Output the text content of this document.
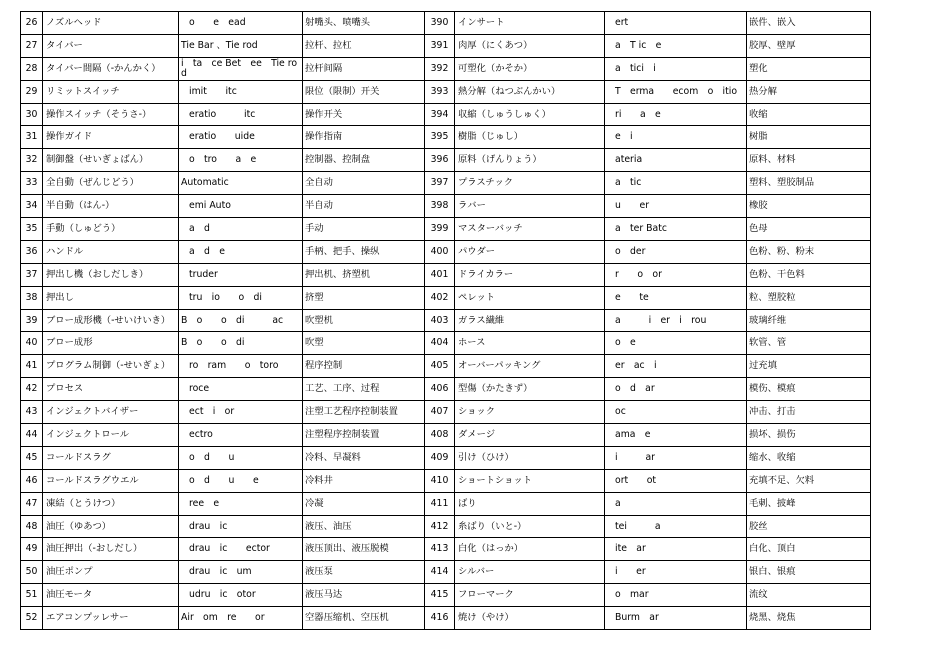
26	ノズルヘッド	o　　e　ead	射嘴头、喷嘴头	390	インサート	ert	嵌件、嵌入
27	タイバー	Tie Bar 、Tie rod	拉杆、拉杠	391	肉厚（にくあつ）	a　T ic　e	胶厚、壁厚
28	タイバー間隔（-かんかく）	i　ta　ce Bet　ee　Tie rod	拉杆间隔	392	可塑化（かそか）	a　tici　i	塑化
29	リミットスイッチ	imit　　itc	限位（限制）开关	393	熱分解（ねつぶんかい）	T　erma　　ecom　o　itio	热分解
30	操作スイッチ（そうさ-）	eratio　　　itc	操作开关	394	収縮（しゅうしゅく）	ri　　a　e	收缩
31	操作ガイド	eratio　　uide	操作指南	395	樹脂（じゅし）	e　i	树脂
32	制御盤（せいぎょばん）	o　tro　　a　e	控制器、控制盘	396	原料（げんりょう）	ateria	原料、材料
33	全自動（ぜんじどう）	Automatic	全自动	397	プラスチック	a　tic	塑料、塑胶制品
34	半自動（はん-）	emi Auto	半自动	398	ラバー	u　　er	橡胶
35	手動（しゅどう）	a　d	手动	399	マスターバッチ	a　ter Batc	色母
36	ハンドル	a　d　e	手柄、把手、操纵	400	パウダー	o　der	色粉、粉、粉末
37	押出し機（おしだしき）	truder	押出机、挤塑机	401	ドライカラー	r　　o　or	色粉、干色料
38	押出し	tru　io　　o　di	挤塑	402	ペレット	e　　te	粒、塑胶粒
39	ブロー成形機（-せいけいき）	B　o　　o　di　　　ac	吹塑机	403	ガラス繊維	a　　　i　er　i　rou	玻璃纤维
40	ブロー成形	B　o　　o　di	吹塑	404	ホース	o　e	软管、管
41	プログラム制御（-せいぎょ）	ro　ram　　o　toro	程序控制	405	オーバーパッキング	er　ac　i	过充填
42	プロセス	roce	工艺、工序、过程	406	型傷（かたきず）	o　d　ar	模伤、模痕
43	インジェクトバイザー	ect　i　or	注塑工艺程序控制装置	407	ショック	oc	冲击、打击
44	インジェクトロール	ectro	注塑程序控制装置	408	ダメージ	ama　e	损坏、损伤
45	コールドスラグ	o　d　　u	冷料、早凝料	409	引け（ひけ）	i　　　ar	缩水、收缩
46	コールドスラグウエル	o　d　　u　　e	冷料井	410	ショートショット	ort　　ot	充填不足、欠料
47	凍結（とうけつ）	ree　e	冷凝	411	ばり	a	毛刺、披峰
48	油圧（ゆあつ）	drau　ic	液压、油压	412	糸ばり（いと-）	tei　　　a	胶丝
49	油圧押出（-おしだし）	drau　ic　　ector	液压顶出、液压脱模	413	白化（はっか）	ite　ar	白化、顶白
50	油圧ポンプ	drau　ic　um	液压泵	414	シルバー	i　　er	银白、银痕
51	油圧モータ	udru　ic　otor	液压马达	415	フローマーク	o　mar	流纹
52	エアコンプッレサー	Air　om　re　　or	空器压缩机、空压机	416	焼け（やけ）	Burm　ar	烧黑、烧焦
